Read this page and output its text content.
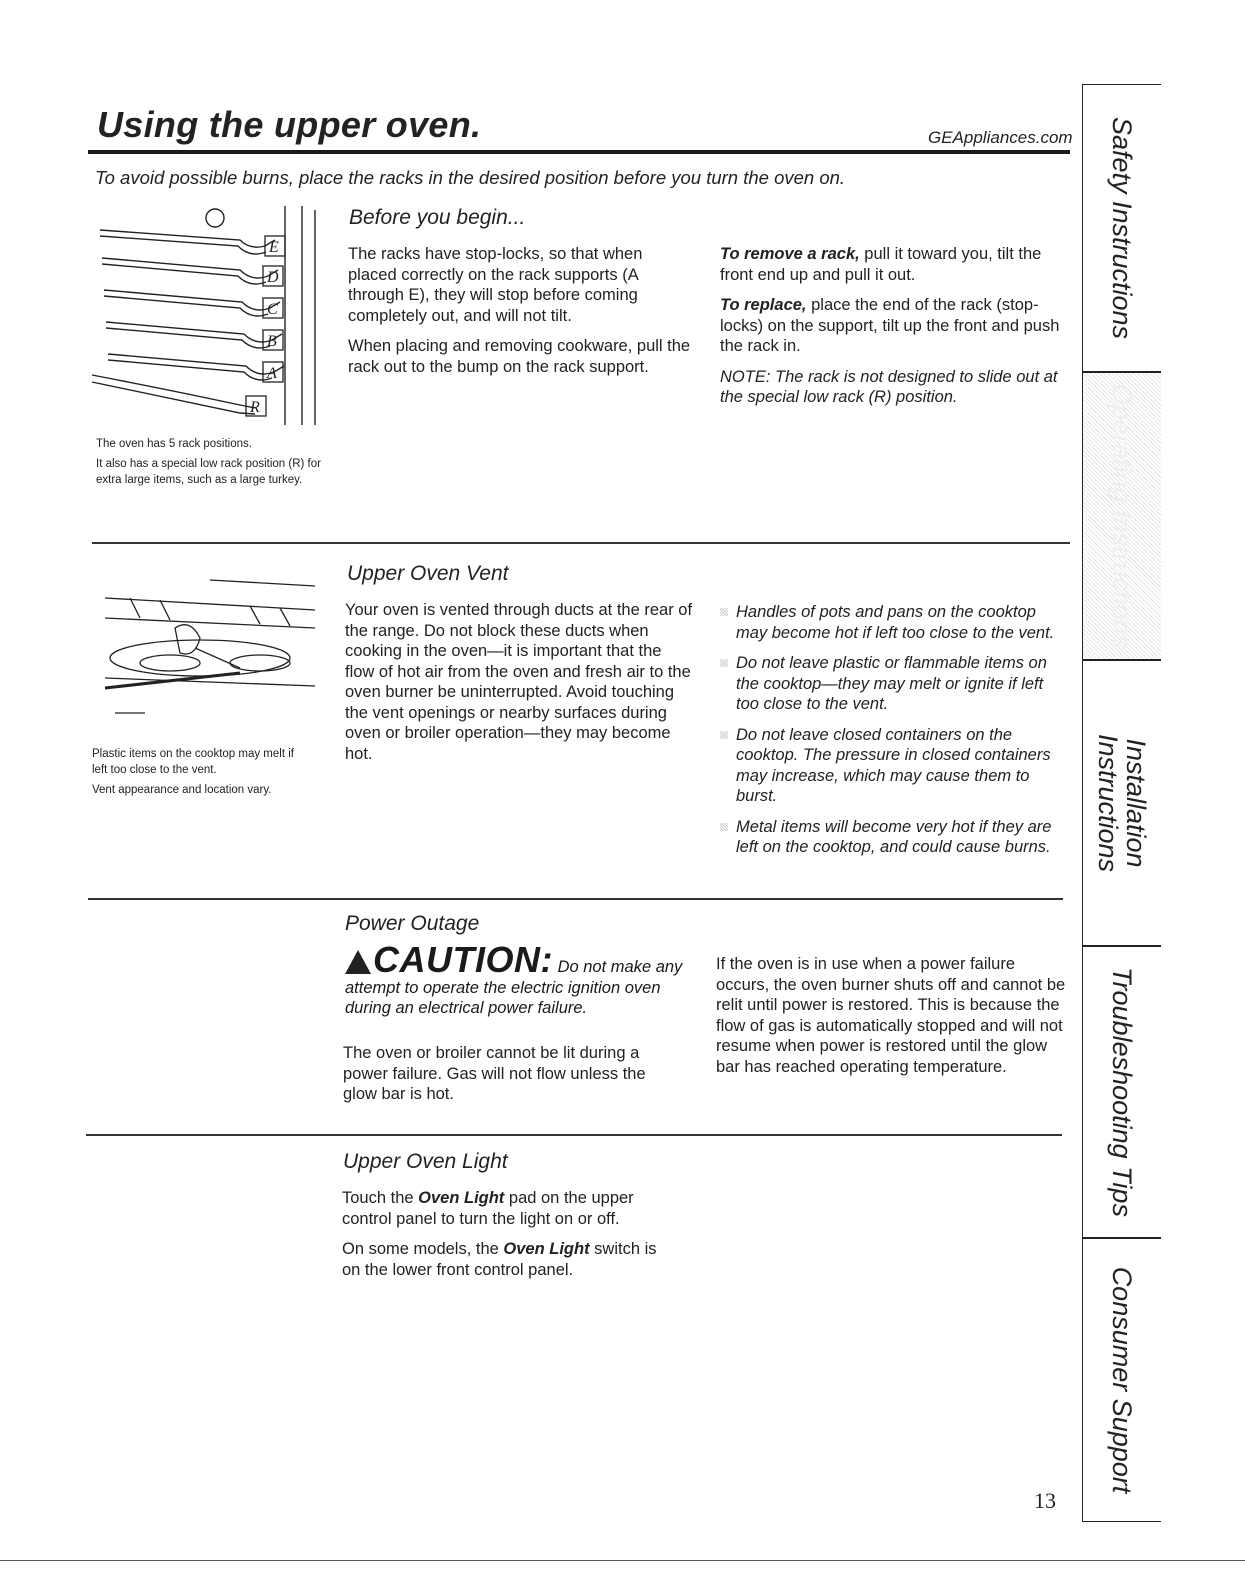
Using the upper oven.	GEAppliances.com
To avoid possible burns, place the racks in the desired position before you turn the oven on.
E
D
C
B
A
R

The oven has 5 rack positions.

It also has a special low rack position (R) for extra large items, such as a large turkey.

Before you begin...

The racks have stop-locks, so that when placed correctly on the rack supports (A through E), they will stop before coming completely out, and will not tilt.

When placing and removing cookware, pull the rack out to the bump on the rack support.

To remove a rack, pull it toward you, tilt the front end up and pull it out.

To replace, place the end of the rack (stop-locks) on the support, tilt up the front and push the rack in.

NOTE: The rack is not designed to slide out at the special low rack (R) position.

Plastic items on the cooktop may melt if left too close to the vent.

Vent appearance and location vary.

Upper Oven Vent
Your oven is vented through ducts at the rear of the range. Do not block these ducts when cooking in the oven—it is important that the flow of hot air from the oven and fresh air to the oven burner be uninterrupted. Avoid touching the vent openings or nearby surfaces during oven or broiler operation—they may become hot.
Handles of pots and pans on the cooktop may become hot if left too close to the vent.
Do not leave plastic or flammable items on the cooktop—they may melt or ignite if left too close to the vent.
Do not leave closed containers on the cooktop. The pressure in closed containers may increase, which may cause them to burst.
Metal items will become very hot if they are left on the cooktop, and could cause burns.
Power Outage
CAUTION: Do not make any attempt to operate the electric ignition oven during an electrical power failure.
The oven or broiler cannot be lit during a power failure. Gas will not flow unless the glow bar is hot.
If the oven is in use when a power failure occurs, the oven burner shuts off and cannot be relit until power is restored. This is because the flow of gas is automatically stopped and will not resume when power is restored until the glow bar has reached operating temperature.
Upper Oven Light

Touch the Oven Light pad on the upper control panel to turn the light on or off.

On some models, the Oven Light switch is on the lower front control panel.

Safety Instructions
Operating Instructions
Installation Instructions
Troubleshooting Tips
Consumer Support
13
